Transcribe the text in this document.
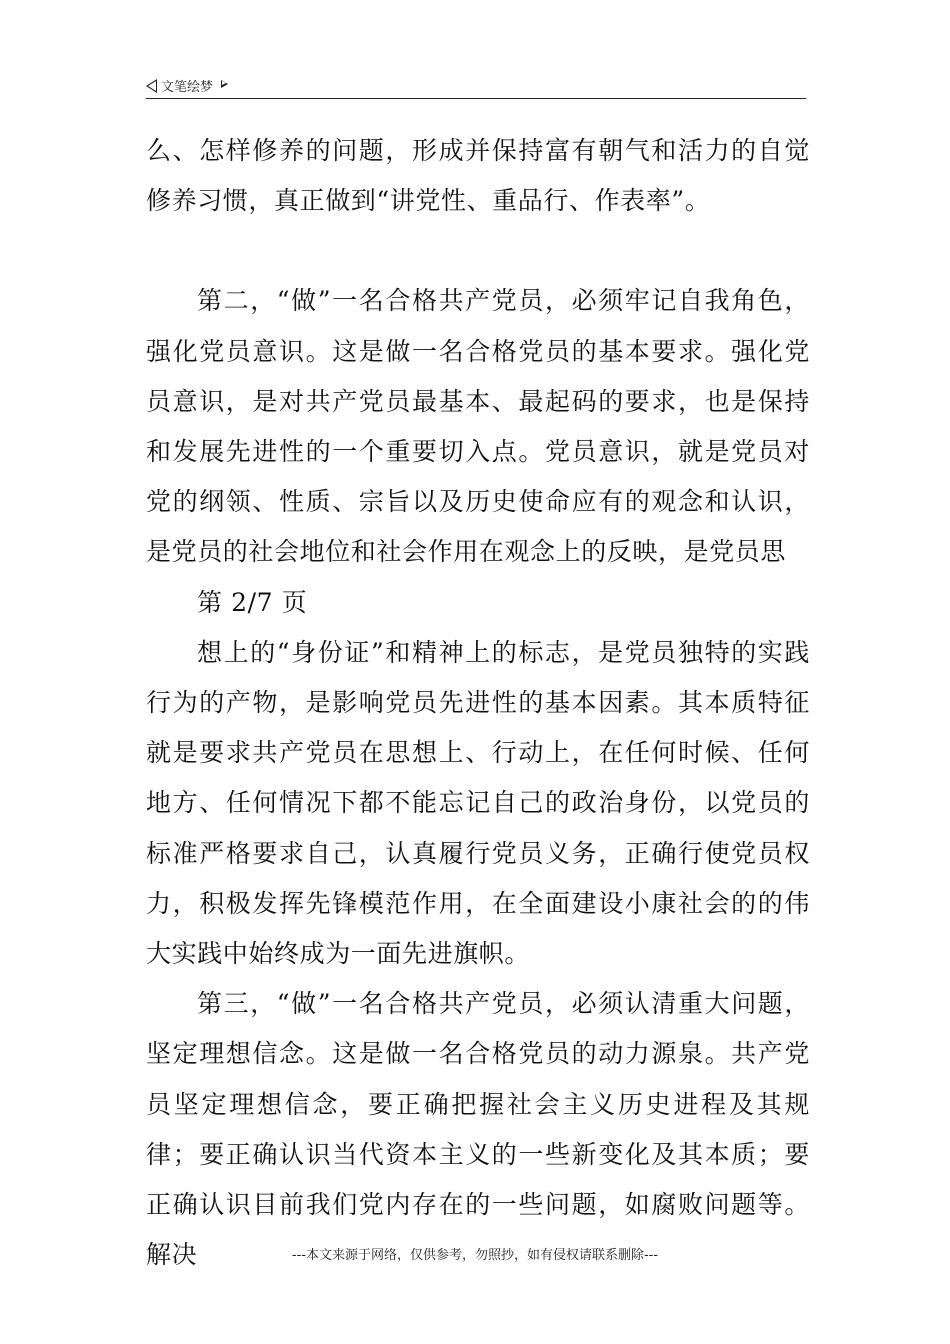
文笔绘梦

么、怎样修养的问题，形成并保持富有朝气和活力的自觉修养习惯，真正做到“讲党性、重品行、作表率”。

第二，“做”一名合格共产党员，必须牢记自我角色，强化党员意识。这是做一名合格党员的基本要求。强化党员意识，是对共产党员最基本、最起码的要求，也是保持和发展先进性的一个重要切入点。党员意识，就是党员对党的纲领、性质、宗旨以及历史使命应有的观念和认识，是党员的社会地位和社会作用在观念上的反映，是党员思

第 2/7 页

想上的“身份证”和精神上的标志，是党员独特的实践行为的产物，是影响党员先进性的基本因素。其本质特征就是要求共产党员在思想上、行动上，在任何时候、任何地方、任何情况下都不能忘记自己的政治身份，以党员的标准严格要求自己，认真履行党员义务，正确行使党员权力，积极发挥先锋模范作用，在全面建设小康社会的的伟大实践中始终成为一面先进旗帜。

第三，“做”一名合格共产党员，必须认清重大问题，坚定理想信念。这是做一名合格党员的动力源泉。共产党员坚定理想信念，要正确把握社会主义历史进程及其规律；要正确认识当代资本主义的一些新变化及其本质；要正确认识目前我们党内存在的一些问题，如腐败问题等。解决	---本文来源于网络，仅供参考，勿照抄，如有侵权请联系删除---
